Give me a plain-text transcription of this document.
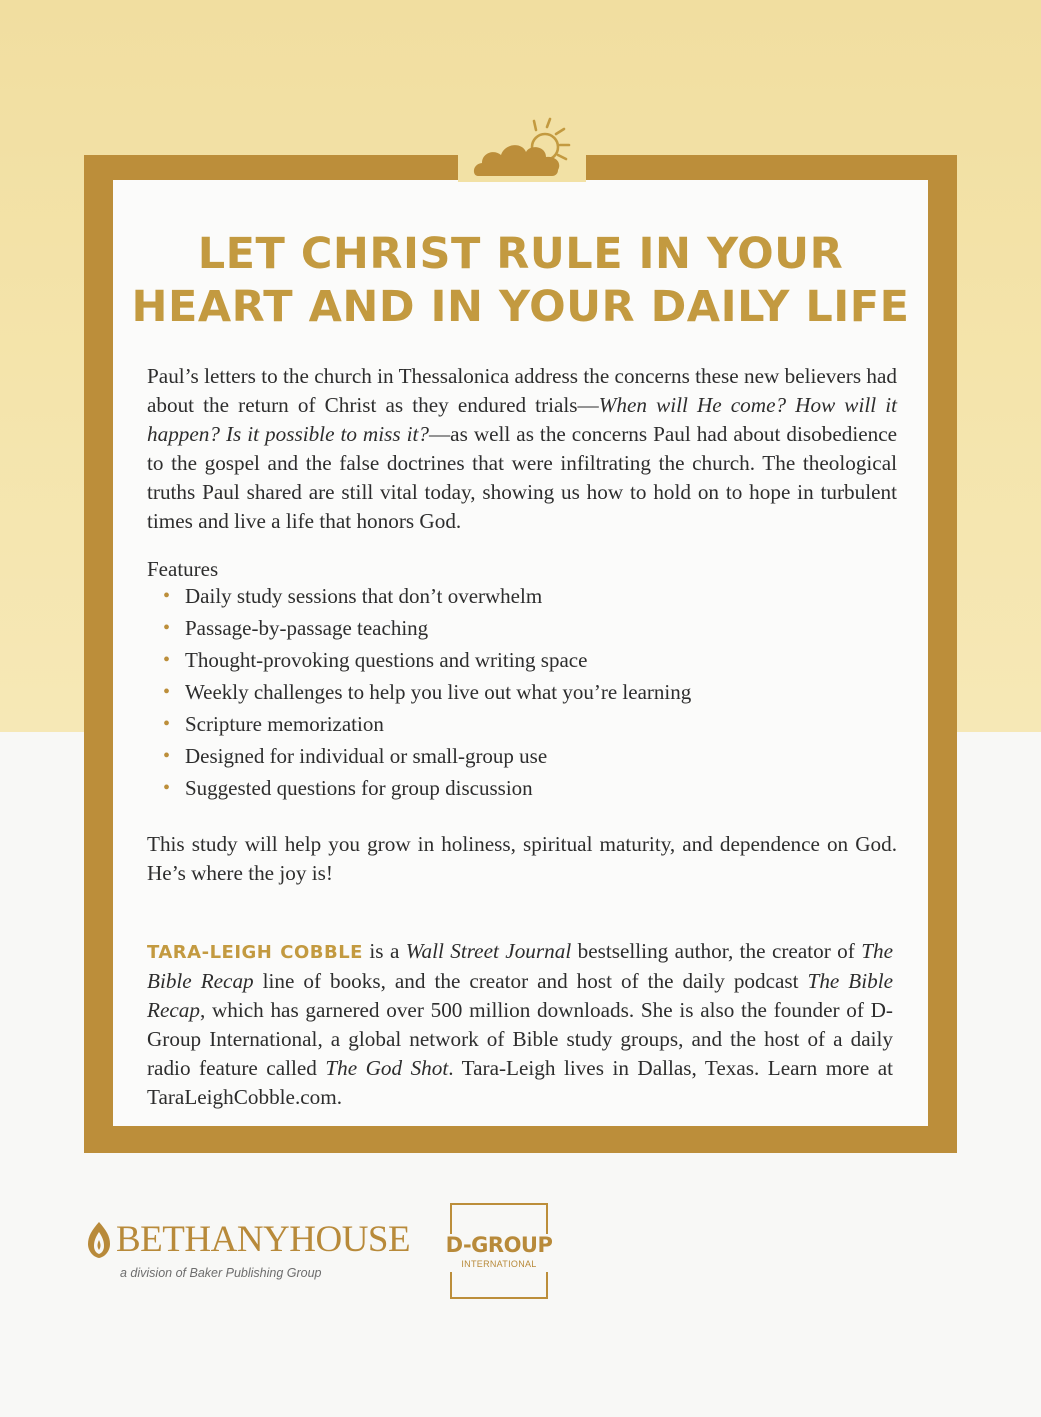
LET CHRIST RULE IN YOUR
HEART AND IN YOUR DAILY LIFE

Paul’s letters to the church in Thessalonica address the concerns these new believers had about the return of Christ as they endured trials—When will He come? How will it happen? Is it possible to miss it?—as well as the concerns Paul had about disobedience to the gospel and the false doctrines that were infiltrating the church. The theological truths Paul shared are still vital today, showing us how to hold on to hope in turbulent times and live a life that honors God.

Features

• Daily study sessions that don’t overwhelm
• Passage-by-passage teaching
• Thought-provoking questions and writing space
• Weekly challenges to help you live out what you’re learning
• Scripture memorization
• Designed for individual or small-group use
• Suggested questions for group discussion

This study will help you grow in holiness, spiritual maturity, and dependence on God. He’s where the joy is!

TARA-LEIGH COBBLE is a Wall Street Journal bestselling author, the creator of The Bible Recap line of books, and the creator and host of the daily podcast The Bible Recap, which has garnered over 500 million downloads. She is also the founder of D-Group International, a global network of Bible study groups, and the host of a daily radio feature called The God Shot. Tara-Leigh lives in Dallas, Texas. Learn more at TaraLeighCobble.com.

BETHANYHOUSE
a division of Baker Publishing Group
D-GROUP
INTERNATIONAL
